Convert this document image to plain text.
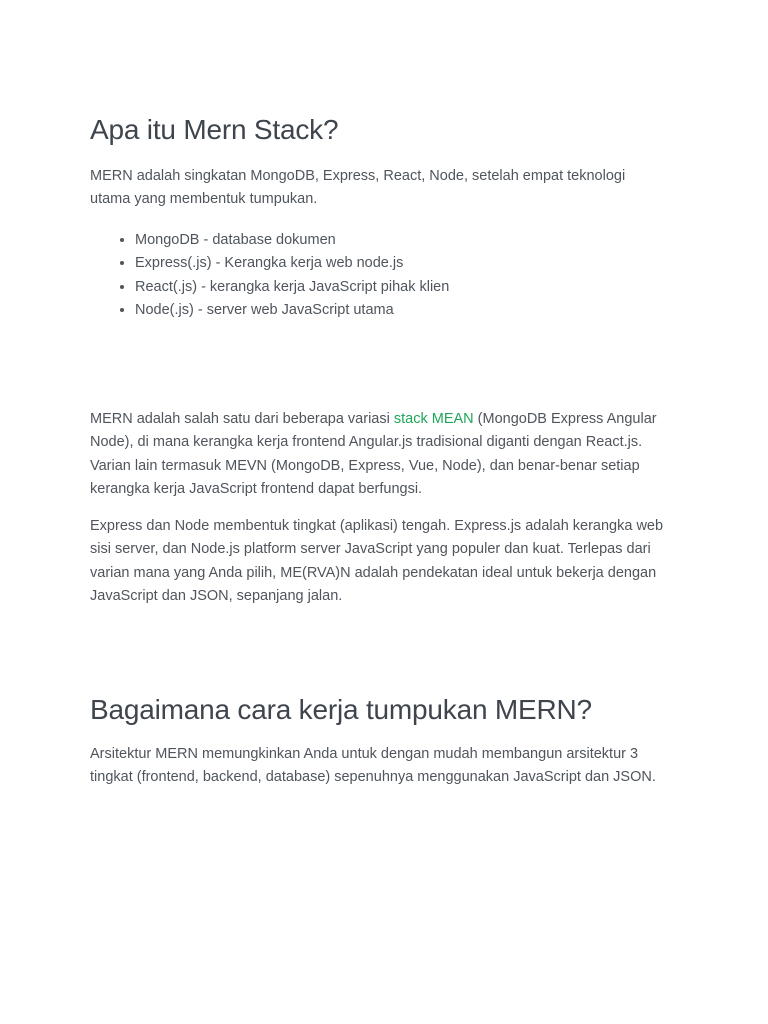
Apa itu Mern Stack?

MERN adalah singkatan MongoDB, Express, React, Node, setelah empat teknologi utama yang membentuk tumpukan.

• MongoDB - database dokumen
• Express(.js) - Kerangka kerja web node.js
• React(.js) - kerangka kerja JavaScript pihak klien
• Node(.js) - server web JavaScript utama

MERN adalah salah satu dari beberapa variasi stack MEAN (MongoDB Express Angular Node), di mana kerangka kerja frontend Angular.js tradisional diganti dengan React.js. Varian lain termasuk MEVN (MongoDB, Express, Vue, Node), dan benar-benar setiap kerangka kerja JavaScript frontend dapat berfungsi.

Express dan Node membentuk tingkat (aplikasi) tengah. Express.js adalah kerangka web sisi server, dan Node.js platform server JavaScript yang populer dan kuat. Terlepas dari varian mana yang Anda pilih, ME(RVA)N adalah pendekatan ideal untuk bekerja dengan JavaScript dan JSON, sepanjang jalan.

Bagaimana cara kerja tumpukan MERN?

Arsitektur MERN memungkinkan Anda untuk dengan mudah membangun arsitektur 3 tingkat (frontend, backend, database) sepenuhnya menggunakan JavaScript dan JSON.
